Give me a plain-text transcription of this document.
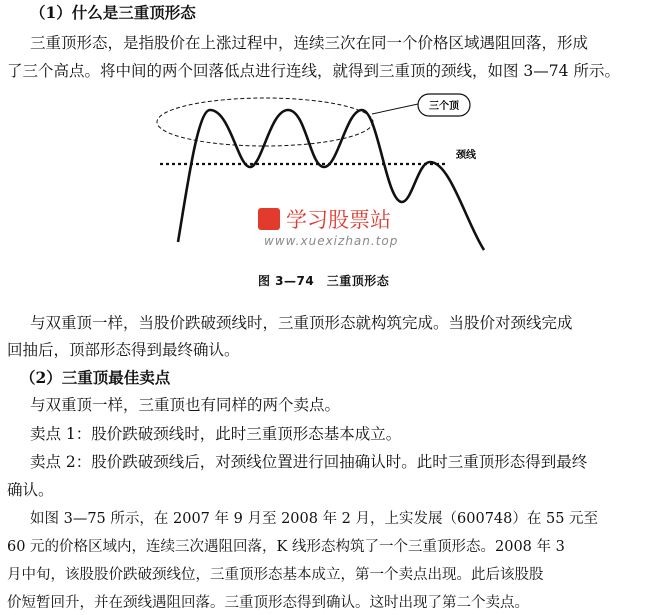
（1）什么是三重顶形态
三重顶形态，是指股价在上涨过程中，连续三次在同一个价格区域遇阻回落，形成
了三个高点。将中间的两个回落低点进行连线，就得到三重顶的颈线，如图 3—74 所示。
三个顶
颈线
学习股票站
www.xuexizhan.top
图 3—74　三重顶形态
与双重顶一样，当股价跌破颈线时，三重顶形态就构筑完成。当股价对颈线完成
回抽后，顶部形态得到最终确认。
（2）三重顶最佳卖点
与双重顶一样，三重顶也有同样的两个卖点。
卖点 1：股价跌破颈线时，此时三重顶形态基本成立。
卖点 2：股价跌破颈线后，对颈线位置进行回抽确认时。此时三重顶形态得到最终
确认。
如图 3—75 所示，在 2007 年 9 月至 2008 年 2 月，上实发展（600748）在 55 元至
60 元的价格区域内，连续三次遇阻回落，K 线形态构筑了一个三重顶形态。2008 年 3
月中旬，该股股价跌破颈线位，三重顶形态基本成立，第一个卖点出现。此后该股股
价短暂回升，并在颈线遇阻回落。三重顶形态得到确认。这时出现了第二个卖点。
